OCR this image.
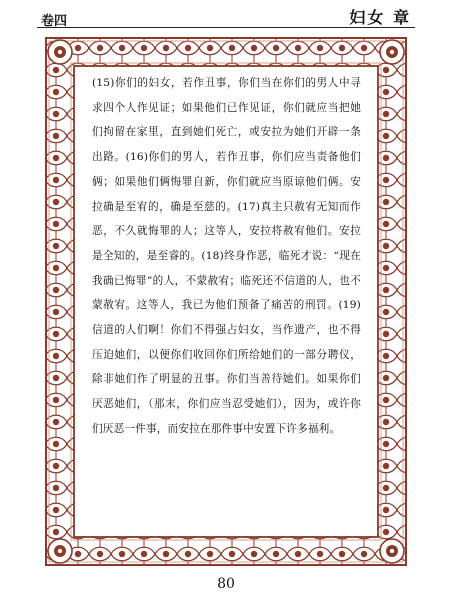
卷四	妇女 章

(15)你们的妇女，若作丑事，你们当在你们的男人中寻求四个人作见证；如果他们已作见证，你们就应当把她们拘留在家里，直到她们死亡，或安拉为她们开辟一条出路。(16)你们的男人，若作丑事，你们应当责备他们俩；如果他们俩悔罪自新，你们就应当原谅他们俩。安拉确是至宥的，确是至慈的。(17)真主只赦宥无知而作恶，不久就悔罪的人；这等人，安拉将赦宥他们。安拉是全知的，是至睿的。(18)终身作恶，临死才说：“现在我确已悔罪”的人，不蒙赦宥；临死还不信道的人，也不蒙赦宥。这等人，我已为他们预备了痛苦的刑罚。(19)信道的人们啊！你们不得强占妇女，当作遗产，也不得压迫她们，以便你们收回你们所给她们的一部分聘仪，除非她们作了明显的丑事。你们当善待她们。如果你们厌恶她们，（那末，你们应当忍受她们），因为，或许你们厌恶一件事，而安拉在那件事中安置下许多福利。

80
